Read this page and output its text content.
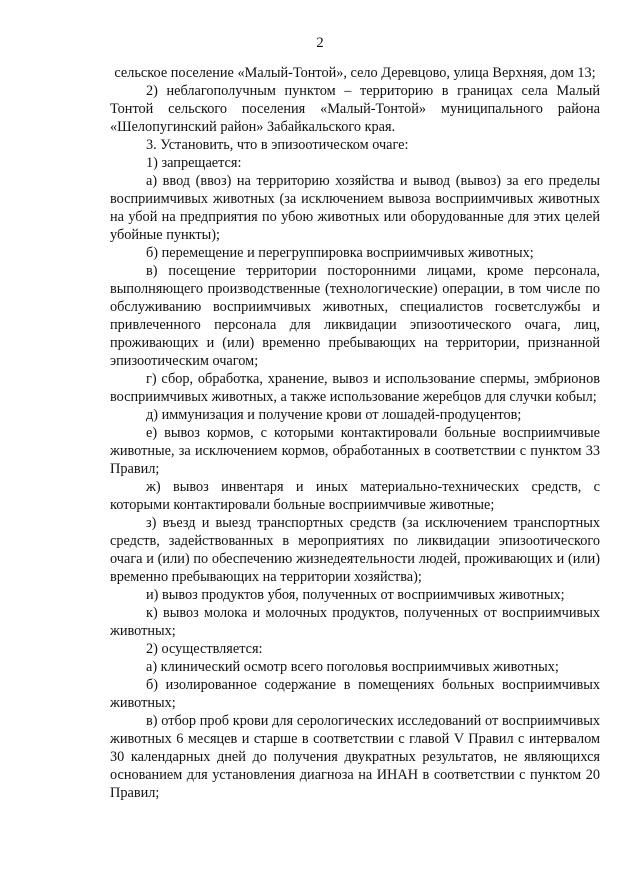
2

сельское поселение «Малый-Тонтой», село Деревцово, улица Верхняя, дом 13;

2) неблагополучным пунктом – территорию в границах села Малый Тонтой сельского поселения «Малый-Тонтой» муниципального района «Шелопугинский район» Забайкальского края.

3. Установить, что в эпизоотическом очаге:

1) запрещается:

а) ввод (ввоз) на территорию хозяйства и вывод (вывоз) за его пределы восприимчивых животных (за исключением вывоза восприимчивых животных на убой на предприятия по убою животных или оборудованные для этих целей убойные пункты);

б) перемещение и перегруппировка восприимчивых животных;

в) посещение территории посторонними лицами, кроме персонала, выполняющего производственные (технологические) операции, в том числе по обслуживанию восприимчивых животных, специалистов госветслужбы и привлеченного персонала для ликвидации эпизоотического очага, лиц, проживающих и (или) временно пребывающих на территории, признанной эпизоотическим очагом;

г) сбор, обработка, хранение, вывоз и использование спермы, эмбрионов восприимчивых животных, а также использование жеребцов для случки кобыл;

д) иммунизация и получение крови от лошадей-продуцентов;

е) вывоз кормов, с которыми контактировали больные восприимчивые животные, за исключением кормов, обработанных в соответствии с пунктом 33 Правил;

ж) вывоз инвентаря и иных материально-технических средств, с которыми контактировали больные восприимчивые животные;

з) въезд и выезд транспортных средств (за исключением транспортных средств, задействованных в мероприятиях по ликвидации эпизоотического очага и (или) по обеспечению жизнедеятельности людей, проживающих и (или) временно пребывающих на территории хозяйства);

и) вывоз продуктов убоя, полученных от восприимчивых животных;

к) вывоз молока и молочных продуктов, полученных от восприимчивых животных;

2) осуществляется:

а) клинический осмотр всего поголовья восприимчивых животных;

б) изолированное содержание в помещениях больных восприимчивых животных;

в) отбор проб крови для серологических исследований от восприимчивых животных 6 месяцев и старше в соответствии с главой V Правил с интервалом 30 календарных дней до получения двукратных результатов, не являющихся основанием для установления диагноза на ИНАН в соответствии с пунктом 20 Правил;
